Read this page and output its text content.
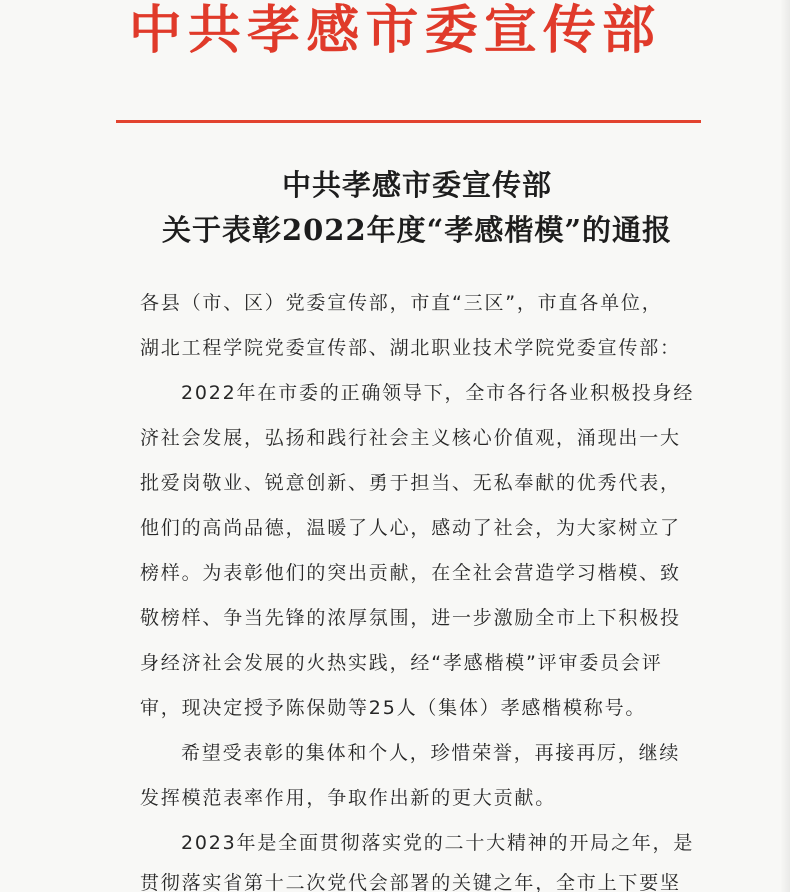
中共孝感市委宣传部
中共孝感市委宣传部
关于表彰2022年度“孝感楷模”的通报
各县（市、区）党委宣传部，市直“三区”，市直各单位，
湖北工程学院党委宣传部、湖北职业技术学院党委宣传部：
2022年在市委的正确领导下，全市各行各业积极投身经
济社会发展，弘扬和践行社会主义核心价值观，涌现出一大
批爱岗敬业、锐意创新、勇于担当、无私奉献的优秀代表，
他们的高尚品德，温暖了人心，感动了社会，为大家树立了
榜样。为表彰他们的突出贡献，在全社会营造学习楷模、致
敬榜样、争当先锋的浓厚氛围，进一步激励全市上下积极投
身经济社会发展的火热实践，经“孝感楷模”评审委员会评
审，现决定授予陈保勋等25人（集体）孝感楷模称号。
希望受表彰的集体和个人，珍惜荣誉，再接再厉，继续
发挥模范表率作用，争取作出新的更大贡献。
2023年是全面贯彻落实党的二十大精神的开局之年，是
贯彻落实省第十二次党代会部署的关键之年，全市上下要坚
